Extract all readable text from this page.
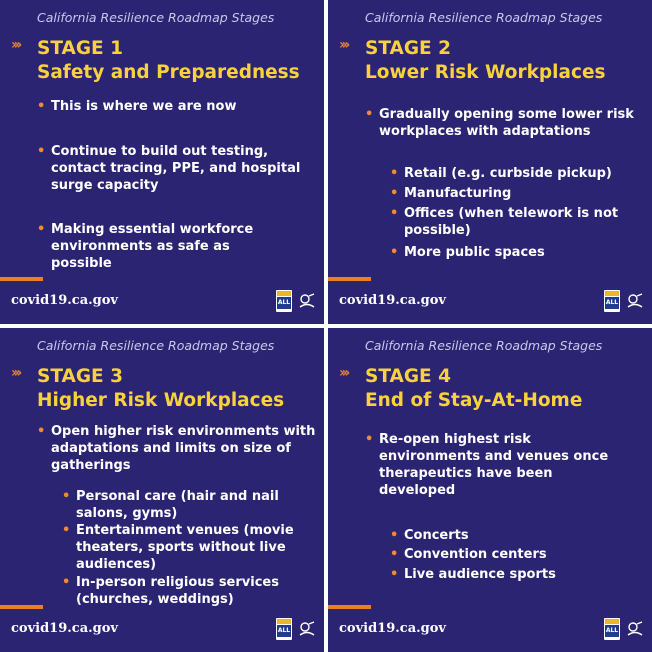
California Resilience Roadmap Stages
››› STAGE 1
Safety and Preparedness
• This is where we are now
• Continue to build out testing, contact tracing, PPE, and hospital surge capacity
• Making essential workforce environments as safe as possible
covid19.ca.gov	ALL
California Resilience Roadmap Stages
››› STAGE 2
Lower Risk Workplaces
• Gradually opening some lower risk workplaces with adaptations
• Retail (e.g. curbside pickup)
• Manufacturing
• Offices (when telework is not possible)
• More public spaces
covid19.ca.gov	ALL
California Resilience Roadmap Stages
››› STAGE 3
Higher Risk Workplaces
• Open higher risk environments with adaptations and limits on size of gatherings
• Personal care (hair and nail salons, gyms)
• Entertainment venues (movie theaters, sports without live audiences)
• In-person religious services (churches, weddings)
covid19.ca.gov	ALL
California Resilience Roadmap Stages
››› STAGE 4
End of Stay-At-Home
• Re-open highest risk environments and venues once therapeutics have been developed
• Concerts
• Convention centers
• Live audience sports
covid19.ca.gov	ALL
